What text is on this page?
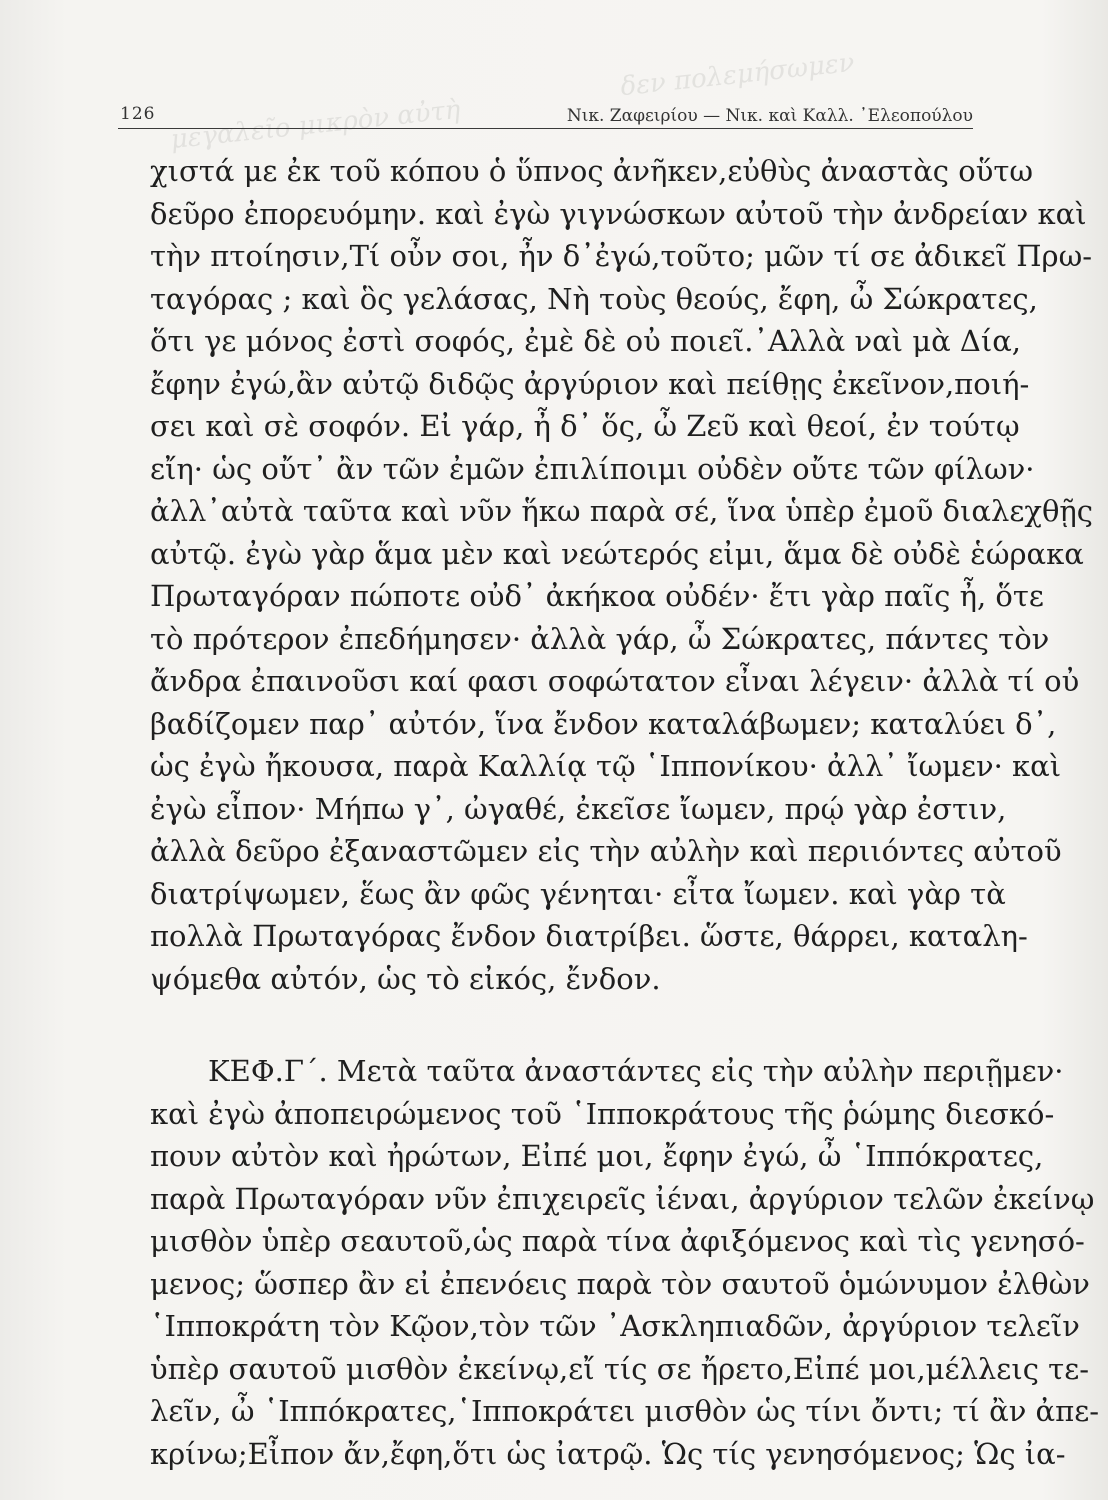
μεγαλεῖο μικρὸν αὐτὴ
δεν πολεμήσωμεν
126	Νικ. Ζαφειρίου — Νικ. καὶ Καλλ. ᾿Ελεοπούλου
χιστά με ἐκ τοῦ κόπου ὁ ὕπνος ἀνῆκεν,εὐθὺς ἀναστὰς οὕτω
δεῦρο ἐπορευόμην. καὶ ἐγὼ γιγνώσκων αὐτοῦ τὴν ἀνδρείαν καὶ
τὴν πτοίησιν,Τί οὖν σοι, ἦν δ᾿ἐγώ,τοῦτο; μῶν τί σε ἀδικεῖ Πρω-
ταγόρας ; καὶ ὃς γελάσας, Νὴ τοὺς θεούς, ἔφη, ὦ Σώκρατες,
ὅτι γε μόνος ἐστὶ σοφός, ἐμὲ δὲ οὐ ποιεῖ.᾿Αλλὰ ναὶ μὰ Δία,
ἔφην ἐγώ,ἂν αὐτῷ διδῷς ἀργύριον καὶ πείθῃς ἐκεῖνον,ποιή-
σει καὶ σὲ σοφόν. Εἰ γάρ, ἦ δ᾿ ὅς, ὦ Ζεῦ καὶ θεοί, ἐν τούτῳ
εἴη· ὡς οὔτ᾿ ἂν τῶν ἐμῶν ἐπιλίποιμι οὐδὲν οὔτε τῶν φίλων·
ἀλλ᾿αὐτὰ ταῦτα καὶ νῦν ἥκω παρὰ σέ, ἵνα ὑπὲρ ἐμοῦ διαλεχθῇς
αὐτῷ. ἐγὼ γὰρ ἅμα μὲν καὶ νεώτερός εἰμι, ἅμα δὲ οὐδὲ ἑώρακα
Πρωταγόραν πώποτε οὐδ᾿ ἀκήκοα οὐδέν· ἔτι γὰρ παῖς ἦ, ὅτε
τὸ πρότερον ἐπεδήμησεν· ἀλλὰ γάρ, ὦ Σώκρατες, πάντες τὸν
ἄνδρα ἐπαινοῦσι καί φασι σοφώτατον εἶναι λέγειν· ἀλλὰ τί οὐ
βαδίζομεν παρ᾿ αὐτόν, ἵνα ἔνδον καταλάβωμεν; καταλύει δ᾿,
ὡς ἐγὼ ἤκουσα, παρὰ Καλλίᾳ τῷ ῾Ιππονίκου· ἀλλ᾿ ἴωμεν· καὶ
ἐγὼ εἶπον· Μήπω γ᾿, ὠγαθέ, ἐκεῖσε ἴωμεν, πρῴ γὰρ ἐστιν,
ἀλλὰ δεῦρο ἐξαναστῶμεν εἰς τὴν αὐλὴν καὶ περιιόντες αὐτοῦ
διατρίψωμεν, ἕως ἂν φῶς γένηται· εἶτα ἴωμεν. καὶ γὰρ τὰ
πολλὰ Πρωταγόρας ἔνδον διατρίβει. ὥστε, θάρρει, καταλη-
ψόμεθα αὐτόν, ὡς τὸ εἰκός, ἔνδον.
ΚΕΦ.Γ΄. Μετὰ ταῦτα ἀναστάντες εἰς τὴν αὐλὴν περιῇμεν·
καὶ ἐγὼ ἀποπειρώμενος τοῦ ῾Ιπποκράτους τῆς ῥώμης διεσκό-
πουν αὐτὸν καὶ ἠρώτων, Εἰπέ μοι, ἔφην ἐγώ, ὦ ῾Ιππόκρατες,
παρὰ Πρωταγόραν νῦν ἐπιχειρεῖς ἰέναι, ἀργύριον τελῶν ἐκείνῳ
μισθὸν ὑπὲρ σεαυτοῦ,ὡς παρὰ τίνα ἀφιξόμενος καὶ τὶς γενησό-
μενος; ὥσπερ ἂν εἰ ἐπενόεις παρὰ τὸν σαυτοῦ ὁμώνυμον ἐλθὼν
῾Ιπποκράτη τὸν Κῷον,τὸν τῶν ᾿Ασκληπιαδῶν, ἀργύριον τελεῖν
ὑπὲρ σαυτοῦ μισθὸν ἐκείνῳ,εἴ τίς σε ἤρετο,Εἰπέ μοι,μέλλεις τε-
λεῖν, ὦ ῾Ιππόκρατες,῾Ιπποκράτει μισθὸν ὡς τίνι ὄντι; τί ἂν ἀπε-
κρίνω;Εἶπον ἄν,ἔφη,ὅτι ὡς ἰατρῷ. Ὡς τίς γενησόμενος; Ὡς ἰα-
